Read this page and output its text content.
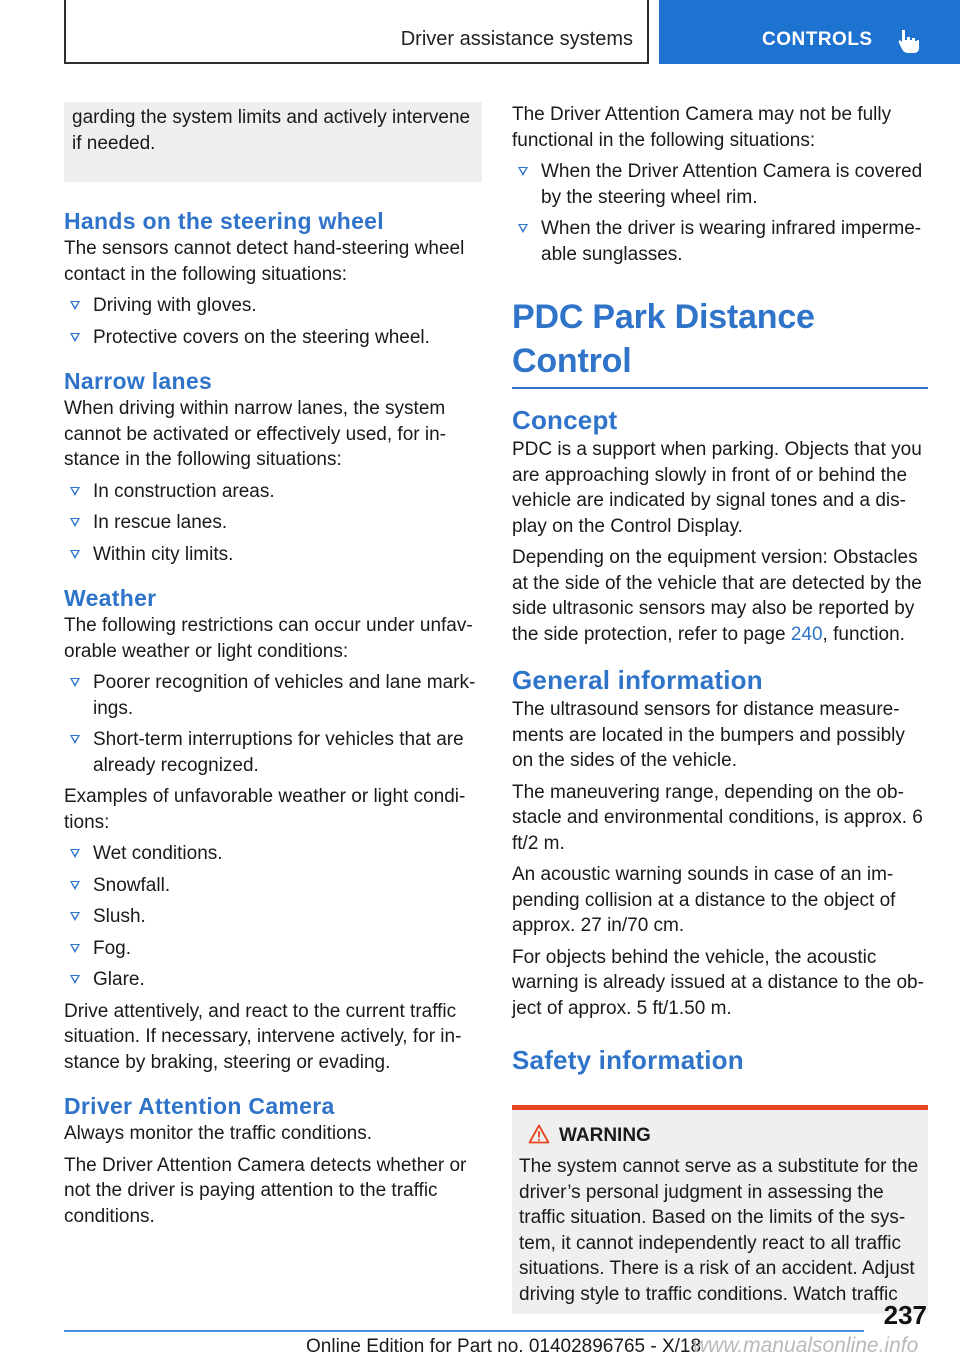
Driver assistance systems	CONTROLS

garding the system limits and actively intervene if needed.

Hands on the steering wheel

The sensors cannot detect hand-steering wheel contact in the following situations:

Driving with gloves.
Protective covers on the steering wheel.
Narrow lanes

When driving within narrow lanes, the system cannot be activated or effectively used, for in-stance in the following situations:

In construction areas.
In rescue lanes.
Within city limits.
Weather

The following restrictions can occur under unfav-orable weather or light conditions:

Poorer recognition of vehicles and lane mark-ings.
Short-term interruptions for vehicles that are already recognized.

Examples of unfavorable weather or light condi-tions:

Wet conditions.
Snowfall.
Slush.
Fog.
Glare.

Drive attentively, and react to the current traffic situation. If necessary, intervene actively, for in-stance by braking, steering or evading.

Driver Attention Camera

Always monitor the traffic conditions.

The Driver Attention Camera detects whether or not the driver is paying attention to the traffic conditions.

The Driver Attention Camera may not be fully functional in the following situations:

When the Driver Attention Camera is covered by the steering wheel rim.
When the driver is wearing infrared imperme-able sunglasses.
PDC Park Distance Control
Concept

PDC is a support when parking. Objects that you are approaching slowly in front of or behind the vehicle are indicated by signal tones and a dis-play on the Control Display.

Depending on the equipment version: Obstacles at the side of the vehicle that are detected by the side ultrasonic sensors may also be reported by the side protection, refer to page 240, function.

General information

The ultrasound sensors for distance measure-ments are located in the bumpers and possibly on the sides of the vehicle.

The maneuvering range, depending on the ob-stacle and environmental conditions, is approx. 6 ft/2 m.

An acoustic warning sounds in case of an im-pending collision at a distance to the object of approx. 27 in/70 cm.

For objects behind the vehicle, the acoustic warning is already issued at a distance to the ob-ject of approx. 5 ft/1.50 m.

Safety information
WARNING

The system cannot serve as a substitute for the driver’s personal judgment in assessing the traffic situation. Based on the limits of the sys-tem, it cannot independently react to all traffic situations. There is a risk of an accident. Adjust driving style to traffic conditions. Watch traffic

237
Online Edition for Part no. 01402896765 - X/18
www.manualsonline.info
